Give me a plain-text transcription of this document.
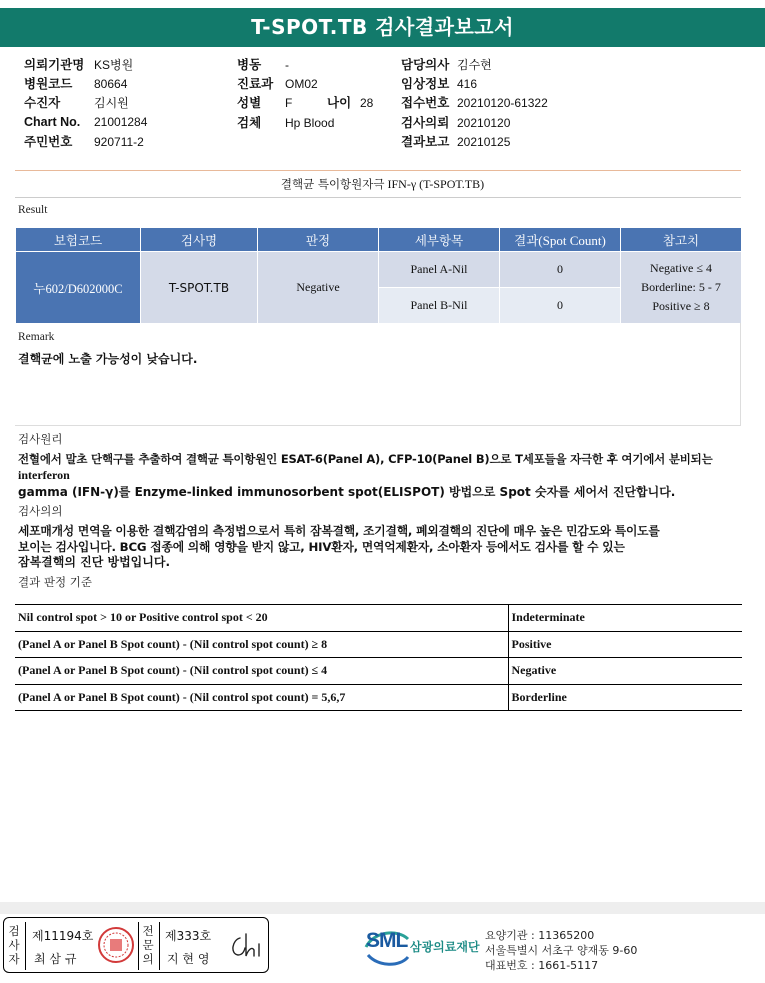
T-SPOT.TB 검사결과보고서
의뢰기관명 KS병원
병원코드 80664
수진자	김시원
Chart No. 21001284
주민번호 920711-2
병동 -
진료과 OM02
성별 F
검체 Hp Blood
나이 28
담당의사 김수현
임상정보 416
접수번호 20210120-61322
검사의뢰 20210120
결과보고 20210125
결핵균 특이항원자극 IFN-γ (T-SPOT.TB)
Result
보험코드	검사명	판정	세부항목	결과(Spot Count)	참고치
누602/D602000C	T-SPOT.TB	Negative	Panel A-Nil	0	Negative ≤ 4
Borderline: 5 - 7
Positive ≥ 8

			Panel B-Nil	0	
Remark
결핵균에 노출 가능성이 낮습니다.
검사원리
전혈에서 말초 단핵구를 추출하여 결핵균 특이항원인 ESAT-6(Panel A), CFP-10(Panel B)으로 T세포들을 자극한 후 여기에서 분비되는
interferon
gamma (IFN-γ)를 Enzyme-linked immunosorbent spot(ELISPOT) 방법으로 Spot 숫자를 세어서 진단합니다.
검사의의
세포매개성 면역을 이용한 결핵감염의 측정법으로서 특히 잠복결핵, 조기결핵, 폐외결핵의 진단에 매우 높은 민감도와 특이도를
보이는 검사입니다. BCG 접종에 의해 영향을 받지 않고, HIV환자, 면역억제환자, 소아환자 등에서도 검사를 할 수 있는
잠복결핵의 진단 방법입니다.
결과 판정 기준
Nil control spot > 10 or Positive control spot < 20	Indeterminate
(Panel A or Panel B Spot count) - (Nil control spot count) ≥ 8	Positive
(Panel A or Panel B Spot count) - (Nil control spot count) ≤ 4	Negative
(Panel A or Panel B Spot count) - (Nil control spot count) = 5,6,7	Borderline
검
사
자
제11194호
최 삼 규
전
문
의
제333호
지 현 영
SML 삼광의료재단
요양기관 : 11365200
서울특별시 서초구 양재동 9-60
대표번호 : 1661-5117
